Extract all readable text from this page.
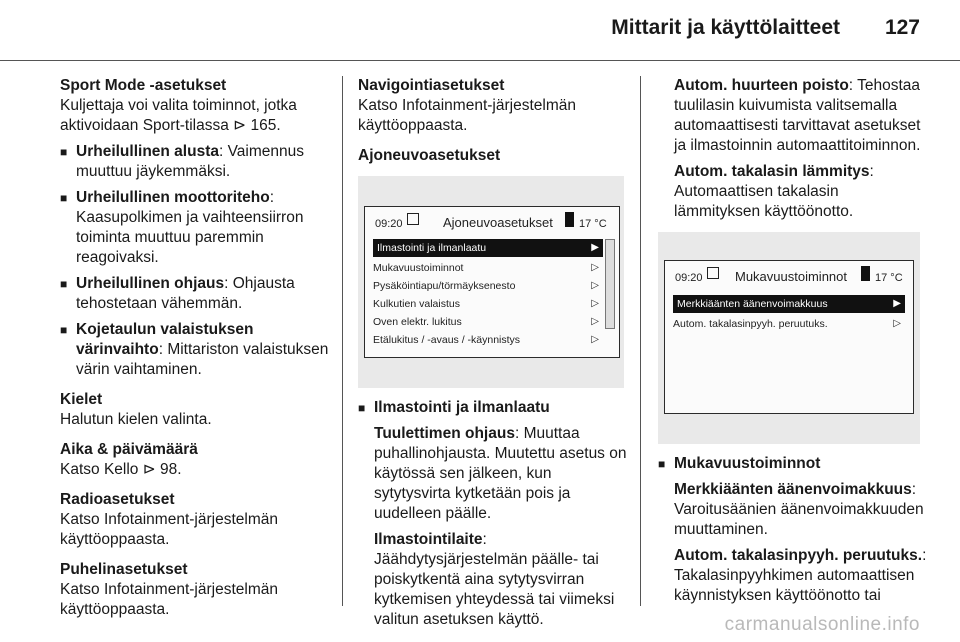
Mittarit ja käyttölaitteet 127
Sport Mode -asetukset
Kuljettaja voi valita toiminnot, jotka aktivoidaan Sport-tilassa ⊳ 165.
■ Urheilullinen alusta: Vaimennus muuttuu jäykemmäksi.
■ Urheilullinen moottoriteho: Kaasupolkimen ja vaihteensiirron toiminta muuttuu paremmin reagoivaksi.
■ Urheilullinen ohjaus: Ohjausta tehostetaan vähemmän.
■ Kojetaulun valaistuksen värinvaihto: Mittariston valaistuksen värin vaihtaminen.
Kielet
Halutun kielen valinta.
Aika & päivämäärä
Katso Kello ⊳ 98.
Radioasetukset
Katso Infotainment-järjestelmän käyttöoppaasta.
Puhelinasetukset
Katso Infotainment-järjestelmän käyttöoppaasta.
Navigointiasetukset
Katso Infotainment-järjestelmän käyttöoppaasta.
Ajoneuvoasetukset
09:20	Ajoneuvoasetukset 17 °C
Ilmastointi ja ilmanlaatu	▶
Mukavuustoiminnot	▷
Pysäköintiapu/törmäyksenesto	▷
Kulkutien valaistus	▷
Oven elektr. lukitus	▷
Etälukitus / -avaus / -käynnistys	▷
■ Ilmastointi ja ilmanlaatu
Tuulettimen ohjaus: Muuttaa puhallinohjausta. Muutettu asetus on käytössä sen jälkeen, kun sytytysvirta kytketään pois ja uudelleen päälle.
Ilmastointilaite: Jäähdytysjärjestelmän päälle- tai poiskytkentä aina sytytysvirran kytkemisen yhteydessä tai viimeksi valitun asetuksen käyttö.
Autom. huurteen poisto: Tehostaa tuulilasin kuivumista valitsemalla automaattisesti tarvittavat asetukset ja ilmastoinnin automaattitoiminnon.
Autom. takalasin lämmitys: Automaattisen takalasin lämmityksen käyttöönotto.
09:20 Mukavuustoiminnot	17 °C
Merkkiäänten äänenvoimakkuus	▶
Autom. takalasinpyyh. peruutuks.	▷
■ Mukavuustoiminnot
Merkkiäänten äänenvoimakkuus: Varoitusäänien äänenvoimakkuuden muuttaminen.
Autom. takalasinpyyh. peruutuks.: Takalasinpyyhkimen automaattisen käynnistyksen käyttöönotto tai
carmanualsonline.info
